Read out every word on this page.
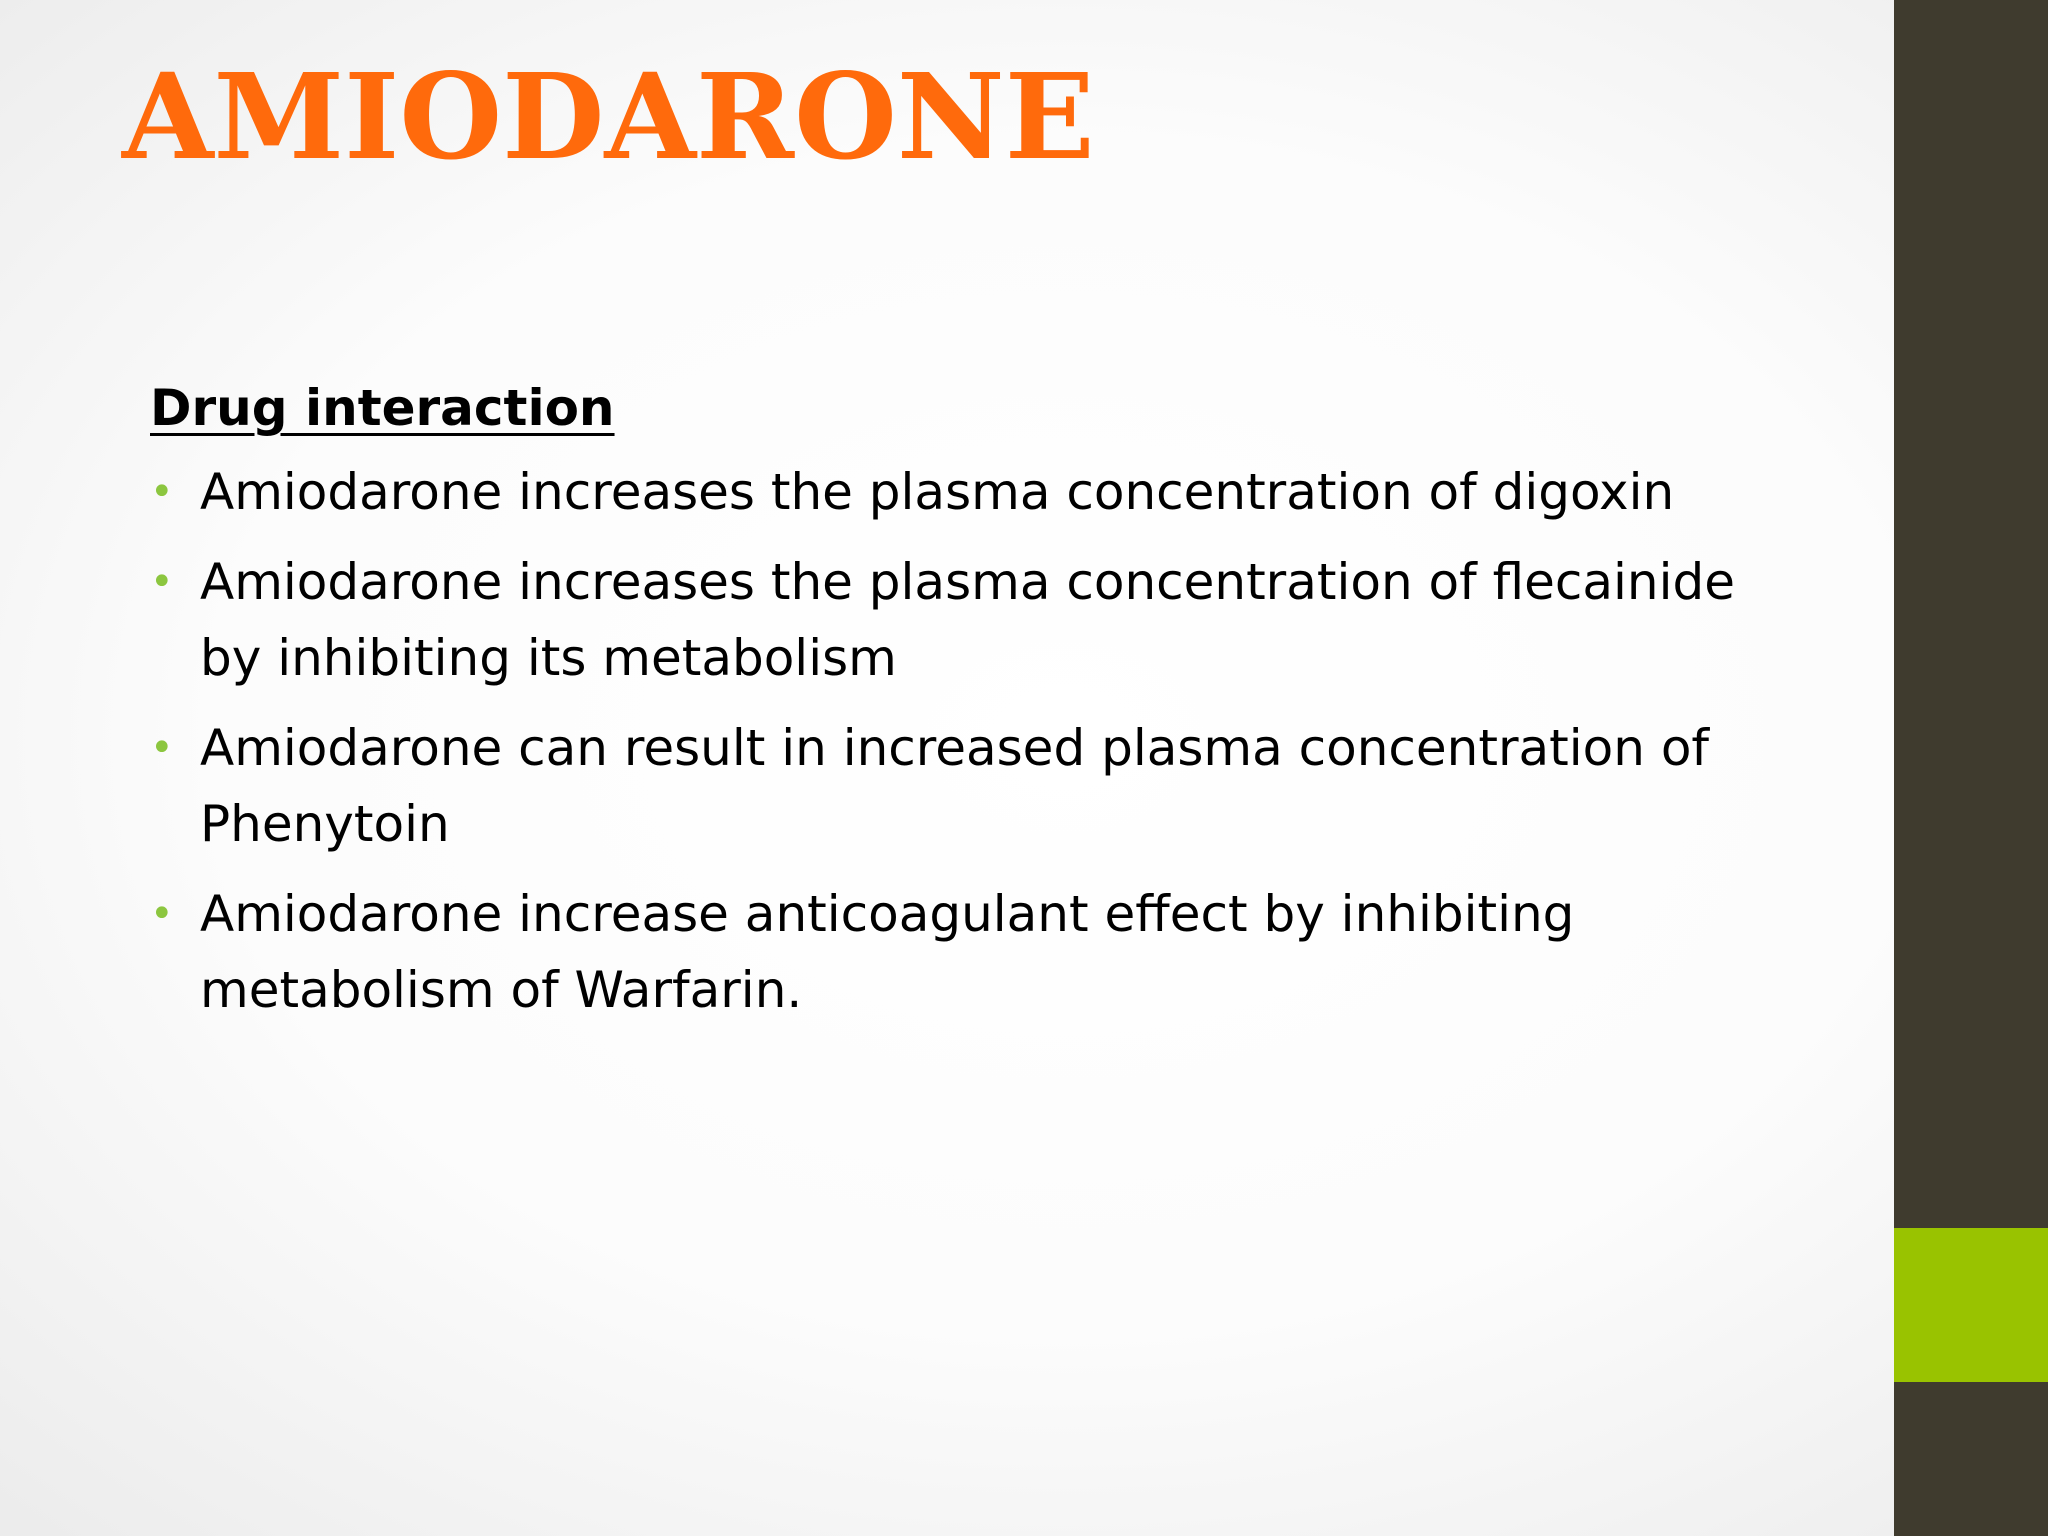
AMIODARONE
Drug interaction
• Amiodarone increases the plasma concentration of digoxin
• Amiodarone increases the plasma concentration of flecainide by inhibiting its metabolism
• Amiodarone can result in increased plasma concentration of Phenytoin
• Amiodarone increase anticoagulant effect by inhibiting metabolism of Warfarin.
